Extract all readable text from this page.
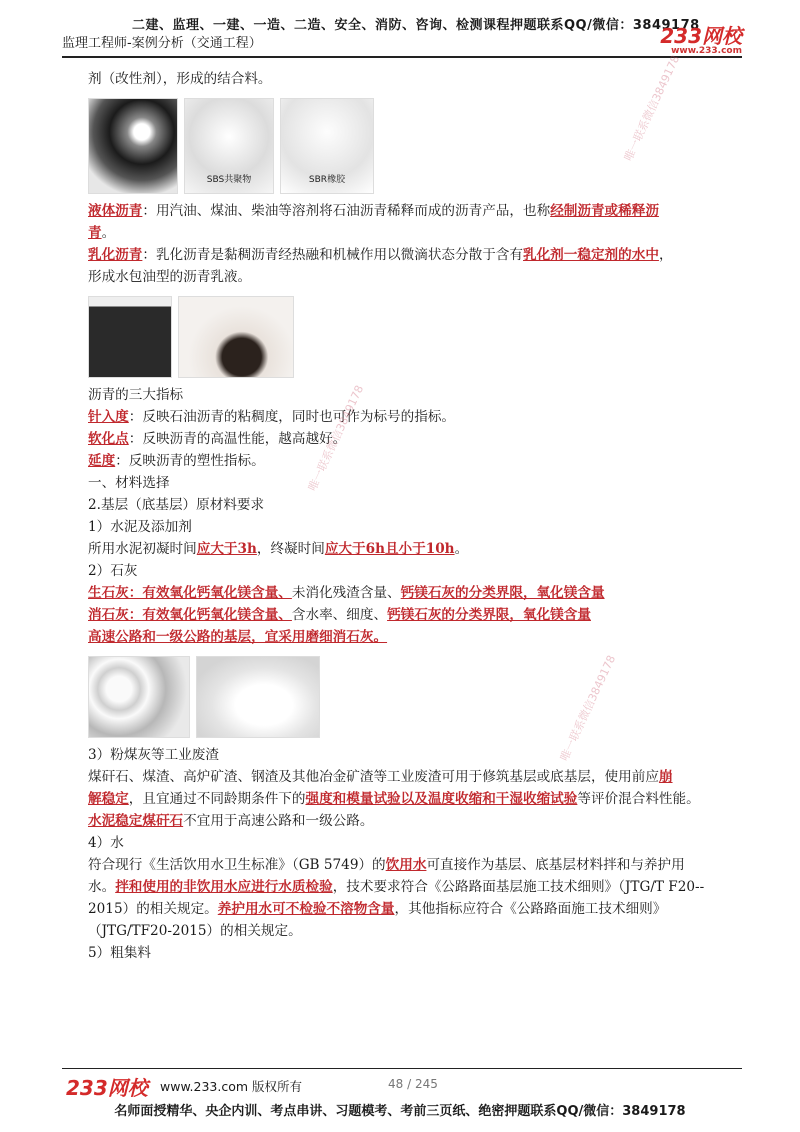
二建、监理、一建、一造、二造、安全、消防、咨询、检测课程押题联系QQ/微信：3849178
监理工程师-案例分析（交通工程）	233网校
www.233.com
剂（改性剂），形成的结合料。
SBS共聚物	SBR橡胶
液体沥青：用汽油、煤油、柴油等溶剂将石油沥青稀释而成的沥青产品，也称经制沥青或稀释沥
青。
乳化沥青：乳化沥青是黏稠沥青经热融和机械作用以微滴状态分散于含有乳化剂一稳定剂的水中，
形成水包油型的沥青乳液。
沥青的三大指标
针入度：反映石油沥青的粘稠度，同时也可作为标号的指标。
软化点：反映沥青的高温性能，越高越好。
延度：反映沥青的塑性指标。
一、材料选择
2.基层（底基层）原材料要求
1）水泥及添加剂
所用水泥初凝时间应大于3h，终凝时间应大于6h且小于10h。
2）石灰
生石灰：有效氧化钙氧化镁含量、未消化残渣含量、钙镁石灰的分类界限，氧化镁含量
消石灰：有效氧化钙氧化镁含量、含水率、细度、钙镁石灰的分类界限，氧化镁含量
高速公路和一级公路的基层，宜采用磨细消石灰。
3）粉煤灰等工业废渣
煤矸石、煤渣、高炉矿渣、钢渣及其他冶金矿渣等工业废渣可用于修筑基层或底基层，使用前应崩
解稳定，且宜通过不同龄期条件下的强度和模量试验以及温度收缩和干湿收缩试验等评价混合料性能。
水泥稳定煤矸石不宜用于高速公路和一级公路。
4）水
符合现行《生活饮用水卫生标准》（GB 5749）的饮用水可直接作为基层、底基层材料拌和与养护用
水。拌和使用的非饮用水应进行水质检验，技术要求符合《公路路面基层施工技术细则》（JTG/T F20--
2015）的相关规定。养护用水可不检验不溶物含量，其他指标应符合《公路路面施工技术细则》
（JTG/TF20-2015）的相关规定。
5）粗集料
唯一联系微信3849178
唯一联系微信3849178
唯一联系微信3849178
233网校 www.233.com 版权所有	48 / 245
名师面授精华、央企内训、考点串讲、习题模考、考前三页纸、绝密押题联系QQ/微信：3849178
